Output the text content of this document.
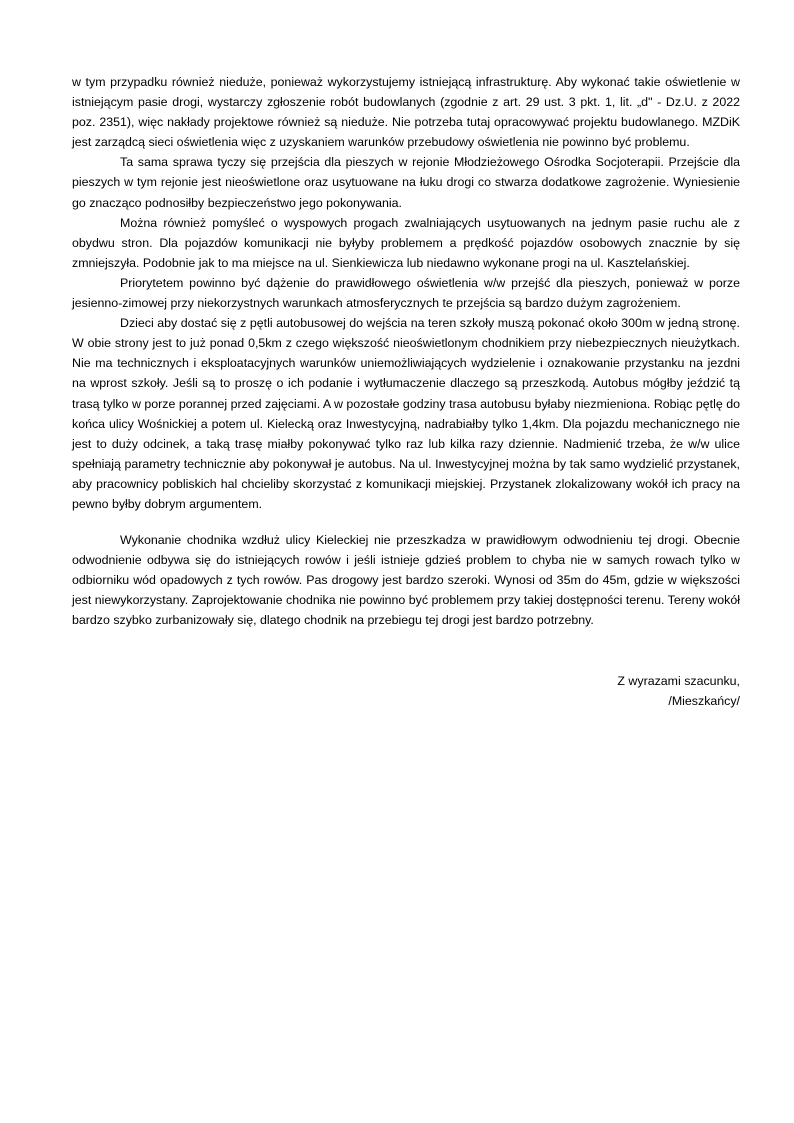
w tym przypadku również nieduże, ponieważ wykorzystujemy istniejącą infrastrukturę. Aby wykonać takie oświetlenie w istniejącym pasie drogi, wystarczy zgłoszenie robót budowlanych (zgodnie z art. 29 ust. 3 pkt. 1, lit. „d" - Dz.U. z 2022 poz. 2351), więc nakłady projektowe również są nieduże. Nie potrzeba tutaj opracowywać projektu budowlanego. MZDiK jest zarządcą sieci oświetlenia więc z uzyskaniem warunków przebudowy oświetlenia nie powinno być problemu.

Ta sama sprawa tyczy się przejścia dla pieszych w rejonie Młodzieżowego Ośrodka Socjoterapii. Przejście dla pieszych w tym rejonie jest nieoświetlone oraz usytuowane na łuku drogi co stwarza dodatkowe zagrożenie. Wyniesienie go znacząco podnosiłby bezpieczeństwo jego pokonywania.

Można również pomyśleć o wyspowych progach zwalniających usytuowanych na jednym pasie ruchu ale z obydwu stron. Dla pojazdów komunikacji nie byłyby problemem a prędkość pojazdów osobowych znacznie by się zmniejszyła. Podobnie jak to ma miejsce na ul. Sienkiewicza lub niedawno wykonane progi na ul. Kasztelańskiej.

Priorytetem powinno być dążenie do prawidłowego oświetlenia w/w przejść dla pieszych, ponieważ w porze jesienno-zimowej przy niekorzystnych warunkach atmosferycznych te przejścia są bardzo dużym zagrożeniem.

Dzieci aby dostać się z pętli autobusowej do wejścia na teren szkoły muszą pokonać około 300m w jedną stronę. W obie strony jest to już ponad 0,5km z czego większość nieoświetlonym chodnikiem przy niebezpiecznych nieużytkach. Nie ma technicznych i eksploatacyjnych warunków uniemożliwiających wydzielenie i oznakowanie przystanku na jezdni na wprost szkoły. Jeśli są to proszę o ich podanie i wytłumaczenie dlaczego są przeszkodą. Autobus mógłby jeździć tą trasą tylko w porze porannej przed zajęciami. A w pozostałe godziny trasa autobusu byłaby niezmieniona. Robiąc pętlę do końca ulicy Wośnickiej a potem ul. Kielecką oraz Inwestycyjną, nadrabiałby tylko 1,4km. Dla pojazdu mechanicznego nie jest to duży odcinek, a taką trasę miałby pokonywać tylko raz lub kilka razy dziennie. Nadmienić trzeba, że w/w ulice spełniają parametry technicznie aby pokonywał je autobus. Na ul. Inwestycyjnej można by tak samo wydzielić przystanek, aby pracownicy pobliskich hal chcieliby skorzystać z komunikacji miejskiej. Przystanek zlokalizowany wokół ich pracy na pewno byłby dobrym argumentem.

Wykonanie chodnika wzdłuż ulicy Kieleckiej nie przeszkadza w prawidłowym odwodnieniu tej drogi. Obecnie odwodnienie odbywa się do istniejących rowów i jeśli istnieje gdzieś problem to chyba nie w samych rowach tylko w odbiorniku wód opadowych z tych rowów. Pas drogowy jest bardzo szeroki. Wynosi od 35m do 45m, gdzie w większości jest niewykorzystany. Zaprojektowanie chodnika nie powinno być problemem przy takiej dostępności terenu. Tereny wokół bardzo szybko zurbanizowały się, dlatego chodnik na przebiegu tej drogi jest bardzo potrzebny.

Z wyrazami szacunku,
/Mieszkańcy/
